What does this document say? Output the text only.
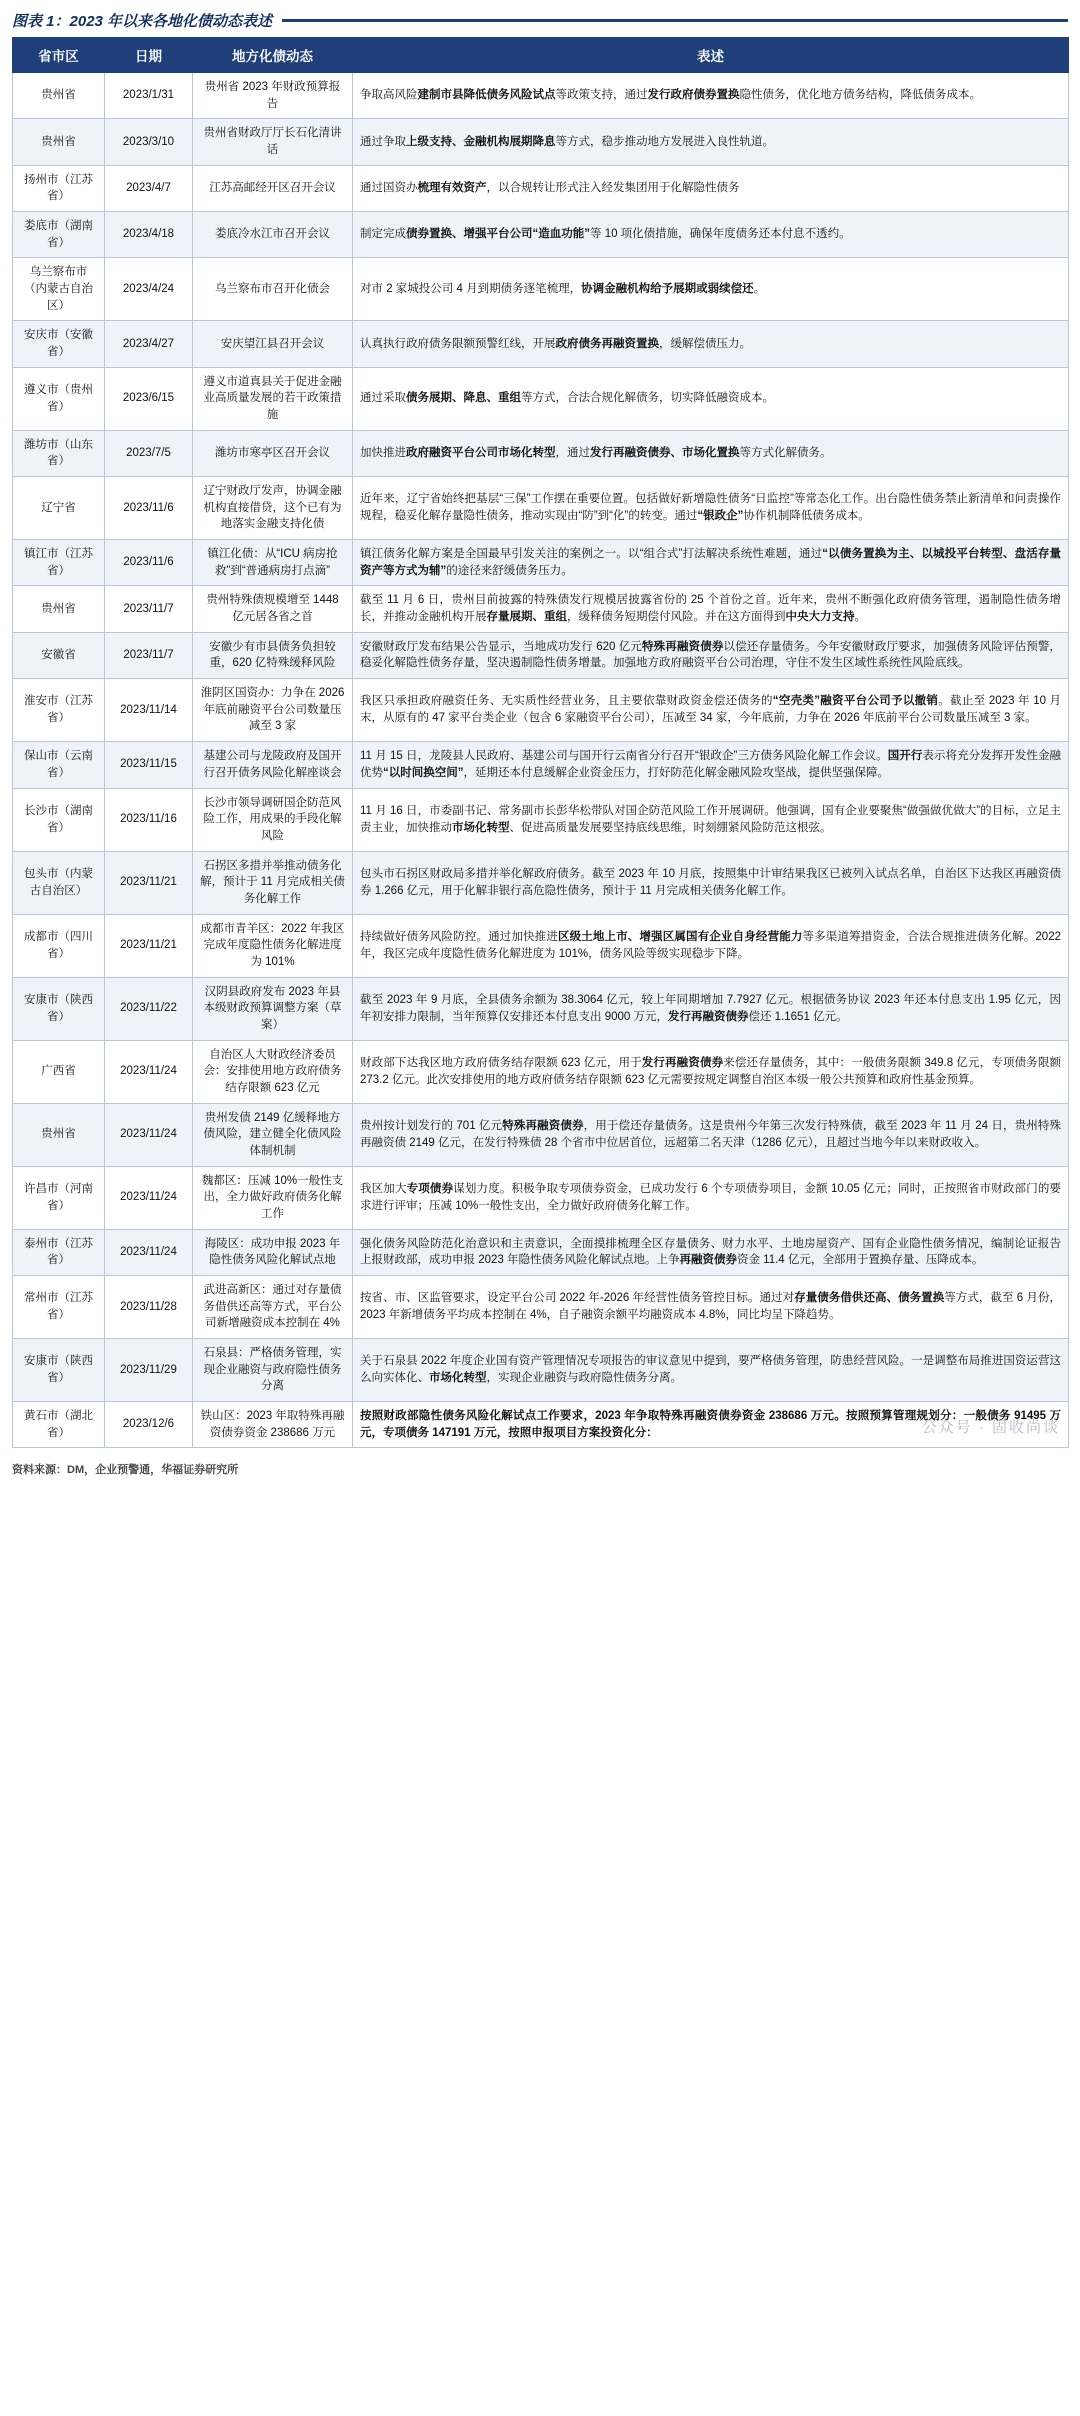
图表 1：2023 年以来各地化债动态表述
省市区	日期	地方化债动态	表述
贵州省	2023/1/31	贵州省 2023 年财政预算报告	争取高风险建制市县降低债务风险试点等政策支持，通过发行政府债券置换隐性债务，优化地方债务结构，降低债务成本。
贵州省	2023/3/10	贵州省财政厅厅长石化清讲话	通过争取上级支持、金融机构展期降息等方式，稳步推动地方发展进入良性轨道。
扬州市（江苏省）	2023/4/7	江苏高邮经开区召开会议	通过国资办梳理有效资产，以合规转让形式注入经发集团用于化解隐性债务
娄底市（湖南省）	2023/4/18	娄底冷水江市召开会议	制定完成债券置换、增强平台公司“造血功能”等 10 项化债措施，确保年度债务还本付息不透约。
乌兰察布市（内蒙古自治区）	2023/4/24	乌兰察布市召开化债会	对市 2 家城投公司 4 月到期债务逐笔梳理，协调金融机构给予展期或弱续偿还。
安庆市（安徽省）	2023/4/27	安庆望江县召开会议	认真执行政府债务限额预警红线，开展政府债务再融资置换，缓解偿债压力。
遵义市（贵州省）	2023/6/15	遵义市道真县关于促进金融业高质量发展的若干政策措施	通过采取债务展期、降息、重组等方式，合法合规化解债务，切实降低融资成本。
潍坊市（山东省）	2023/7/5	潍坊市寒亭区召开会议	加快推进政府融资平台公司市场化转型，通过发行再融资债券、市场化置换等方式化解债务。
辽宁省	2023/11/6	辽宁财政厅发声，协调金融机构直接借贷，这个已有为地落实金融支持化债	近年来，辽宁省始终把基层“三保”工作摆在重要位置。包括做好新增隐性债务“日监控”等常态化工作。出台隐性债务禁止新清单和问责操作规程，稳妥化解存量隐性债务，推动实现由“防”到“化”的转变。通过“银政企”协作机制降低债务成本。
镇江市（江苏省）	2023/11/6	镇江化债：从“ICU 病房抢救”到“普通病房打点滴”	镇江债务化解方案是全国最早引发关注的案例之一。以“组合式”打法解决系统性难题，通过“以债务置换为主、以城投平台转型、盘活存量资产等方式为辅”的途径来舒缓债务压力。
贵州省	2023/11/7	贵州特殊债规模增至 1448 亿元居各省之首	截至 11 月 6 日，贵州目前披露的特殊债发行规模居披露省份的 25 个首份之首。近年来，贵州不断强化政府债务管理，遏制隐性债务增长，并推动金融机构开展存量展期、重组，缓释债务短期偿付风险。并在这方面得到中央大力支持。
安徽省	2023/11/7	安徽少有市县债务负担较重，620 亿特殊缓释风险	安徽财政厅发布结果公告显示，当地成功发行 620 亿元特殊再融资债券以偿还存量债务。今年安徽财政厅要求，加强债务风险评估预警，稳妥化解隐性债务存量，坚决遏制隐性债务增量。加强地方政府融资平台公司治理，守住不发生区域性系统性风险底线。
淮安市（江苏省）	2023/11/14	淮阴区国资办：力争在 2026 年底前融资平台公司数量压减至 3 家	我区只承担政府融资任务、无实质性经营业务，且主要依靠财政资金偿还债务的“空壳类”融资平台公司予以撤销。截止至 2023 年 10 月末，从原有的 47 家平台类企业（包含 6 家融资平台公司），压减至 34 家，今年底前，力争在 2026 年底前平台公司数量压减至 3 家。
保山市（云南省）	2023/11/15	基建公司与龙陵政府及国开行召开债务风险化解座谈会	11 月 15 日，龙陵县人民政府、基建公司与国开行云南省分行召开“银政企”三方债务风险化解工作会议。国开行表示将充分发挥开发性金融优势“以时间换空间”，延期还本付息缓解企业资金压力，打好防范化解金融风险攻坚战，提供坚强保障。
长沙市（湖南省）	2023/11/16	长沙市领导调研国企防范风险工作，用成果的手段化解风险	11 月 16 日，市委副书记、常务副市长彭华松带队对国企防范风险工作开展调研。他强调，国有企业要聚焦“做强做优做大”的目标，立足主责主业，加快推动市场化转型、促进高质量发展要坚持底线思维，时刻绷紧风险防范这根弦。
包头市（内蒙古自治区）	2023/11/21	石拐区多措并举推动债务化解，预计于 11 月完成相关债务化解工作	包头市石拐区财政局多措并举化解政府债务。截至 2023 年 10 月底，按照集中计审结果我区已被列入试点名单，自治区下达我区再融资债券 1.266 亿元，用于化解非银行高危隐性债务，预计于 11 月完成相关债务化解工作。
成都市（四川省）	2023/11/21	成都市青羊区：2022 年我区完成年度隐性债务化解进度为 101%	持续做好债务风险防控。通过加快推进区级土地上市、增强区属国有企业自身经营能力等多渠道筹措资金，合法合规推进债务化解。2022 年，我区完成年度隐性债务化解进度为 101%，债务风险等级实现稳步下降。
安康市（陕西省）	2023/11/22	汉阴县政府发布 2023 年县本级财政预算调整方案（草案）	截至 2023 年 9 月底，全县债务余额为 38.3064 亿元，较上年同期增加 7.7927 亿元。根据债务协议 2023 年还本付息支出 1.95 亿元，因年初安排力限制，当年预算仅安排还本付息支出 9000 万元，发行再融资债券偿还 1.1651 亿元。
广西省	2023/11/24	自治区人大财政经济委员会：安排使用地方政府债务结存限额 623 亿元	财政部下达我区地方政府债务结存限额 623 亿元，用于发行再融资债券来偿还存量债务，其中：一般债务限额 349.8 亿元，专项债务限额 273.2 亿元。此次安排使用的地方政府债务结存限额 623 亿元需要按规定调整自治区本级一般公共预算和政府性基金预算。
贵州省	2023/11/24	贵州发债 2149 亿缓释地方债风险，建立健全化债风险体制机制	贵州按计划发行的 701 亿元特殊再融资债券，用于偿还存量债务。这是贵州今年第三次发行特殊债，截至 2023 年 11 月 24 日，贵州特殊再融资债 2149 亿元，在发行特殊债 28 个省市中位居首位，远超第二名天津（1286 亿元），且超过当地今年以来财政收入。
许昌市（河南省）	2023/11/24	魏都区：压减 10%一般性支出，全力做好政府债务化解工作	我区加大专项债券谋划力度。积极争取专项债券资金，已成功发行 6 个专项债券项目，金额 10.05 亿元；同时，正按照省市财政部门的要求进行评审；压减 10%一般性支出，全力做好政府债务化解工作。
泰州市（江苏省）	2023/11/24	海陵区：成功申报 2023 年隐性债务风险化解试点地	强化债务风险防范化治意识和主责意识，全面摸排梳理全区存量债务、财力水平、土地房屋资产、国有企业隐性债务情况，编制论证报告上报财政部，成功申报 2023 年隐性债务风险化解试点地。上争再融资债券资金 11.4 亿元，全部用于置换存量、压降成本。
常州市（江苏省）	2023/11/28	武进高新区：通过对存量债务借供还高等方式，平台公司新增融资成本控制在 4%	按省、市、区监管要求，设定平台公司 2022 年-2026 年经营性债务管控目标。通过对存量债务借供还高、债务置换等方式，截至 6 月份，2023 年新增债务平均成本控制在 4%，自子融资余额平均融资成本 4.8%，同比均呈下降趋势。
安康市（陕西省）	2023/11/29	石泉县：严格债务管理，实现企业融资与政府隐性债务分离	关于石泉县 2022 年度企业国有资产管理情况专项报告的审议意见中提到，要严格债务管理，防患经营风险。一是调整布局推进国资运营这么向实体化、市场化转型，实现企业融资与政府隐性债务分离。
黄石市（湖北省）	2023/12/6	铁山区：2023 年取特殊再融资债券资金 238686 万元	按照财政部隐性债务风险化解试点工作要求，2023 年争取特殊再融资债券资金 238686 万元。按照预算管理规划分：一般债务 91495 万元，专项债务 147191 万元，按照申报项目方案投资化分：
资料来源：DM，企业预警通，华福证券研究所
公众号 · 固收尚谈
